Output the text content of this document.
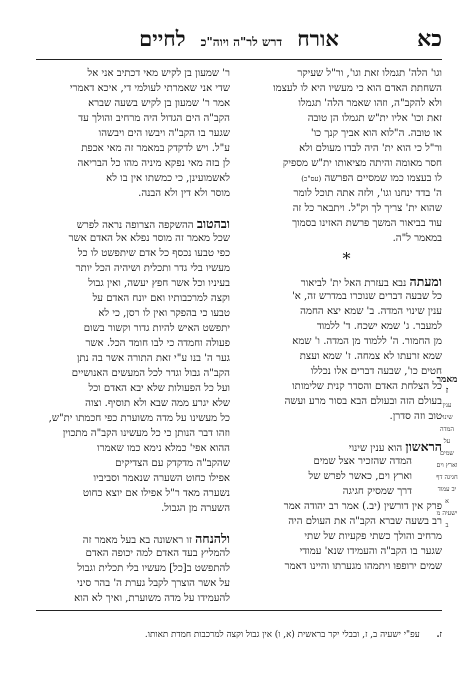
כא
אורח דרש לר"ה ויוה"כ לחיים
וגו' הלה' תגמלו זאת וגו', ור"ל שעיקר
השחתת האדם הוא כי מעשיו היא לו לעצמו
ולא להקב"ה, וזהו שאמר הלה' תגמלו
זאת וכו' אליו ית"ש תגמלו הן טובה
או טובה. ה"לוא הוא אביך קנך כו'
ור"ל כי הוא ית' היה לבדו מעולם ולא
חסר מאומה והיתה מציאותו ית"ש מספיק
לו בעצמו כמו שמסיים הפרשה (עס"כ)
ה' בדד ינחנו וגו', ולזה אתה תוכל לומר
שהוא ית' צריך לך וק"ל. ויתבאר כל זה
עוד בביאור המשך פרשת האזינו בסמוך
במאמר ל"ה.
*
ומעתה נבא בעזרת האל ית' לביאור
כל שבעה דברים שנוכרו במדרש זה, א'
ענין שינוי המדה. ב' שמא יצא החמה
למעבר. ג' שמא ישכח. ד' ללמוד
מן החמור. ה' ללמוד מן המדה. ו' שמא
שמא זרעתו לא צמחה. ז' שמא ועצת
חטים כו', שבעה דברים אלו נכללו
כל הצלחת האדם והסדר קנית שלימותו
בעולם הזה ובעולם הבא בסור מרע ועשה
טוב וזה סדרן.
הראשון הוא ענין שינוי
המדה שהזכיר אצל שמים
וארץ וים, כאשר לפרש של
דרך שמסיק חגיגה
פרק אין דורשין (יב.) אמר רב יהודה אמר
רב בשעה שברא הקב"ה את העולם היה
מרחיב והולך כשתי פקעיות של שתי
שגער בו הקב"ה והעמידו שנא' עמודי
שמים ירופפו ויתמהו מגערתו והיינו דאמר
מאמר ז
ענין שינוי המדה על
שמים וארץ וים
חגיגה דף יב עמוד א
ישעיה מ ב
ר' שמעון בן לקיש מאי דכתיב אני אל
שדי אני שאמרתי לעולמי די, איכא דאמרי
אמר ר' שמעון בן לקיש בשעה שברא
הקב"ה הים הגדול היה מרחיב והולך עד
שגער בו הקב"ה ויבשו הים ויבשהו
ע"ל. ויש לדקדק במאמר זה מאי אכפת
לן בזה מאי נפקא מיניה מהו כל הבריאה
לאשמועינן, כי כמשתו אין בו לא
מוסר ולא דין ולא הבנה.
ובהטוב ההשקפה הצרופה נראה לפרש
שכל מאמר זה מוסר נפלא אל האדם אשר
כפי טבעו נכסף כל אדם שיתפשט לו כל
מעשיו בלי גדר ותכלית ושיהיה הכל יותר
בעיניו וכל אשר חפץ יעשה, ואין גבול
וקצה למרכבותיו ואם יונח האדם על
טבעו כי בהפקר ואין לו רסן, כי לא
יתפשט האיש להיות גדור וקשור בשום
פעולה וחמדה כי לבו חומד הכל. אשר
גער ה' בנו ע"י זאת התורה אשר בה נתן
הקב"ה גבול וגדר לכל המעשים האנושיים
ועל כל הפעולות שלא יבא האדם וכל
שלא יגרע ממה שבא ולא תוסיף. וצוה
כל מעשינו על מדה משוערת כפי חכמתו ית"ש,
וזהו דבר הנותן כי כל מעשינו הקב"ה מתכוין
ההוא אפי' כמלא נימא כמו שאמרו
שהקב"ה מדקדק עם הצדיקים
אפילו כחוט השערה שנאמר וסביביו
נשערה מאד ר"ל אפילו אם יוצא כחוט
השערה מן הגבול.
ולהנחה זו ראשונה בא בעל מאמר זה
להמליץ בעד האדם למה יכופה האדם
להתפשט ב[כל] מעשיו בלי תכלית וגבול
על אשר הוצרך לקבל גערת ה' בהר סיני
להעמידו על מדה משוערת, ואיך לא הוא
ז. עפ"י ישעיה ב, ז, ובבלי יקר בראשית (א, ו) אין גבול וקצה למרכבות חמדת תאותו.
